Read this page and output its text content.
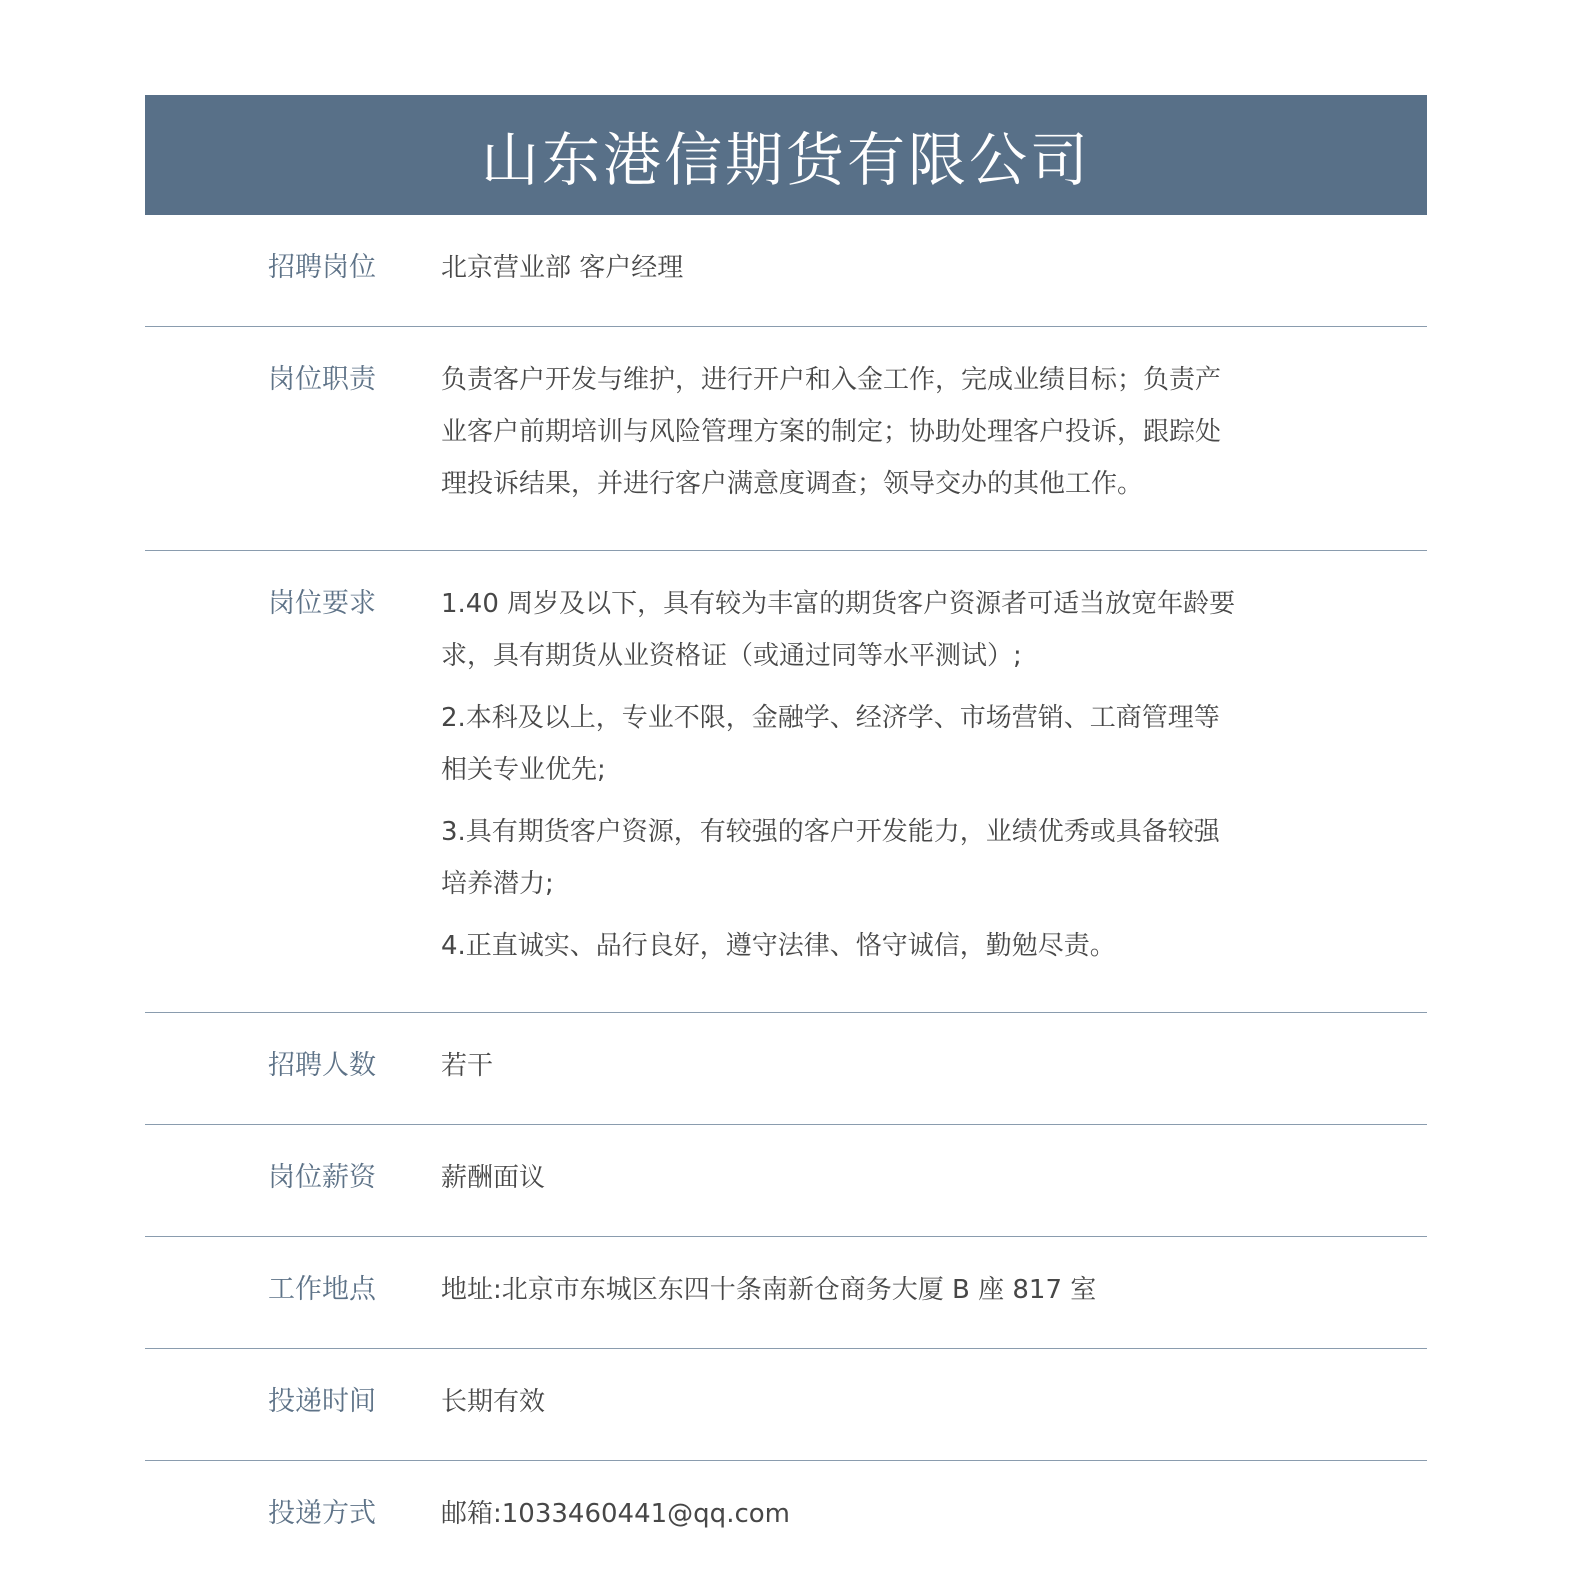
山东港信期货有限公司
招聘岗位	北京营业部 客户经理
岗位职责	负责客户开发与维护，进行开户和入金工作，完成业绩目标；负责产业客户前期培训与风险管理方案的制定；协助处理客户投诉，跟踪处理投诉结果，并进行客户满意度调查；领导交办的其他工作。
岗位要求	1.40 周岁及以下，具有较为丰富的期货客户资源者可适当放宽年龄要求，具有期货从业资格证（或通过同等水平测试）;
2.本科及以上，专业不限，金融学、经济学、市场营销、工商管理等相关专业优先;
3.具有期货客户资源，有较强的客户开发能力，业绩优秀或具备较强培养潜力;
4.正直诚实、品行良好，遵守法律、恪守诚信，勤勉尽责。
招聘人数	若干
岗位薪资	薪酬面议
工作地点	地址:北京市东城区东四十条南新仓商务大厦 B 座 817 室
投递时间	长期有效
投递方式	邮箱:1033460441@qq.com
